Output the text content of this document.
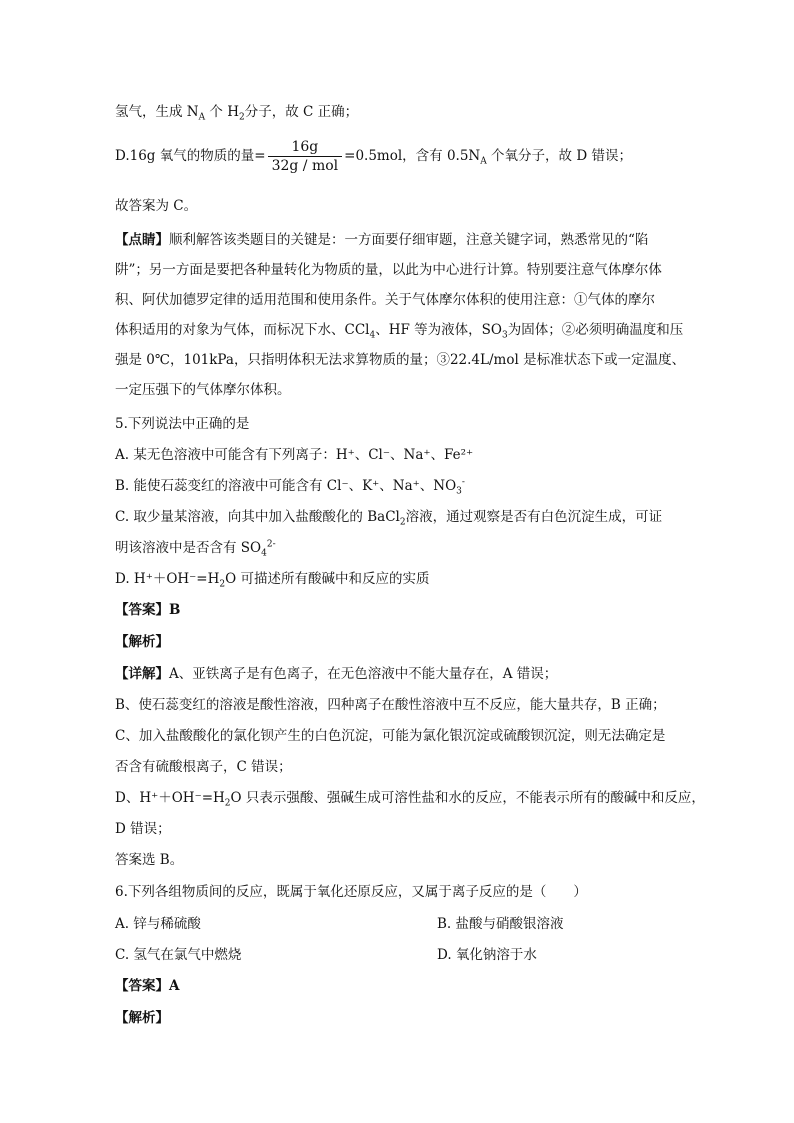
氢气，生成 $N_A$ 个 $H_2$分子，故 C 正确；
D.16g 氧气的物质的量= $\frac{16g}{\text{32g / mol}} =0.5mol$，含有 $0.5N_A$ 个氧分子，故 D 错误；
故答案为 C。
【点睛】顺利解答该类题目的关键是：一方面要仔细审题，注意关键字词，熟悉常见的“陷
阱”；另一方面是要把各种量转化为物质的量，以此为中心进行计算。特别要注意气体摩尔体
积、阿伏加德罗定律的适用范围和使用条件。关于气体摩尔体积的使用注意：①气体的摩尔
体积适用的对象为气体，而标况下水、CCl$_4$、HF 等为液体，$SO_3$为固体；②必须明确温度和压
强是 0℃，101kPa，只指明体积无法求算物质的量；③22.4L/mol 是标准状态下或一定温度、
一定压强下的气体摩尔体积。
5.下列说法中正确的是
A. 某无色溶液中可能含有下列离子：H⁺、Cl⁻、Na⁺、Fe²⁺
B. 能使石蕊变红的溶液中可能含有 Cl⁻、K⁺、Na⁺、$NO_3^-$
C. 取少量某溶液，向其中加入盐酸酸化的 BaCl$_2$溶液，通过观察是否有白色沉淀生成，可证
明该溶液中是否含有 $SO_4^{2-}$
D. $H^++OH^-=H_2O$ 可描述所有酸碱中和反应的实质
【答案】B
【解析】
【详解】A、亚铁离子是有色离子，在无色溶液中不能大量存在，A 错误；
B、使石蕊变红的溶液是酸性溶液，四种离子在酸性溶液中互不反应，能大量共存，B 正确；
C、加入盐酸酸化的氯化钡产生的白色沉淀，可能为氯化银沉淀或硫酸钡沉淀，则无法确定是
否含有硫酸根离子，C 错误；
D、$H^++OH^-=H_2O$ 只表示强酸、强碱生成可溶性盐和水的反应，不能表示所有的酸碱中和反应，
D 错误；
答案选 B。
6.下列各组物质间的反应，既属于氧化还原反应，又属于离子反应的是（　　）
A. 锌与稀硫酸	B. 盐酸与硝酸银溶液
C. 氢气在氯气中燃烧	D. 氧化钠溶于水
【答案】A
【解析】
